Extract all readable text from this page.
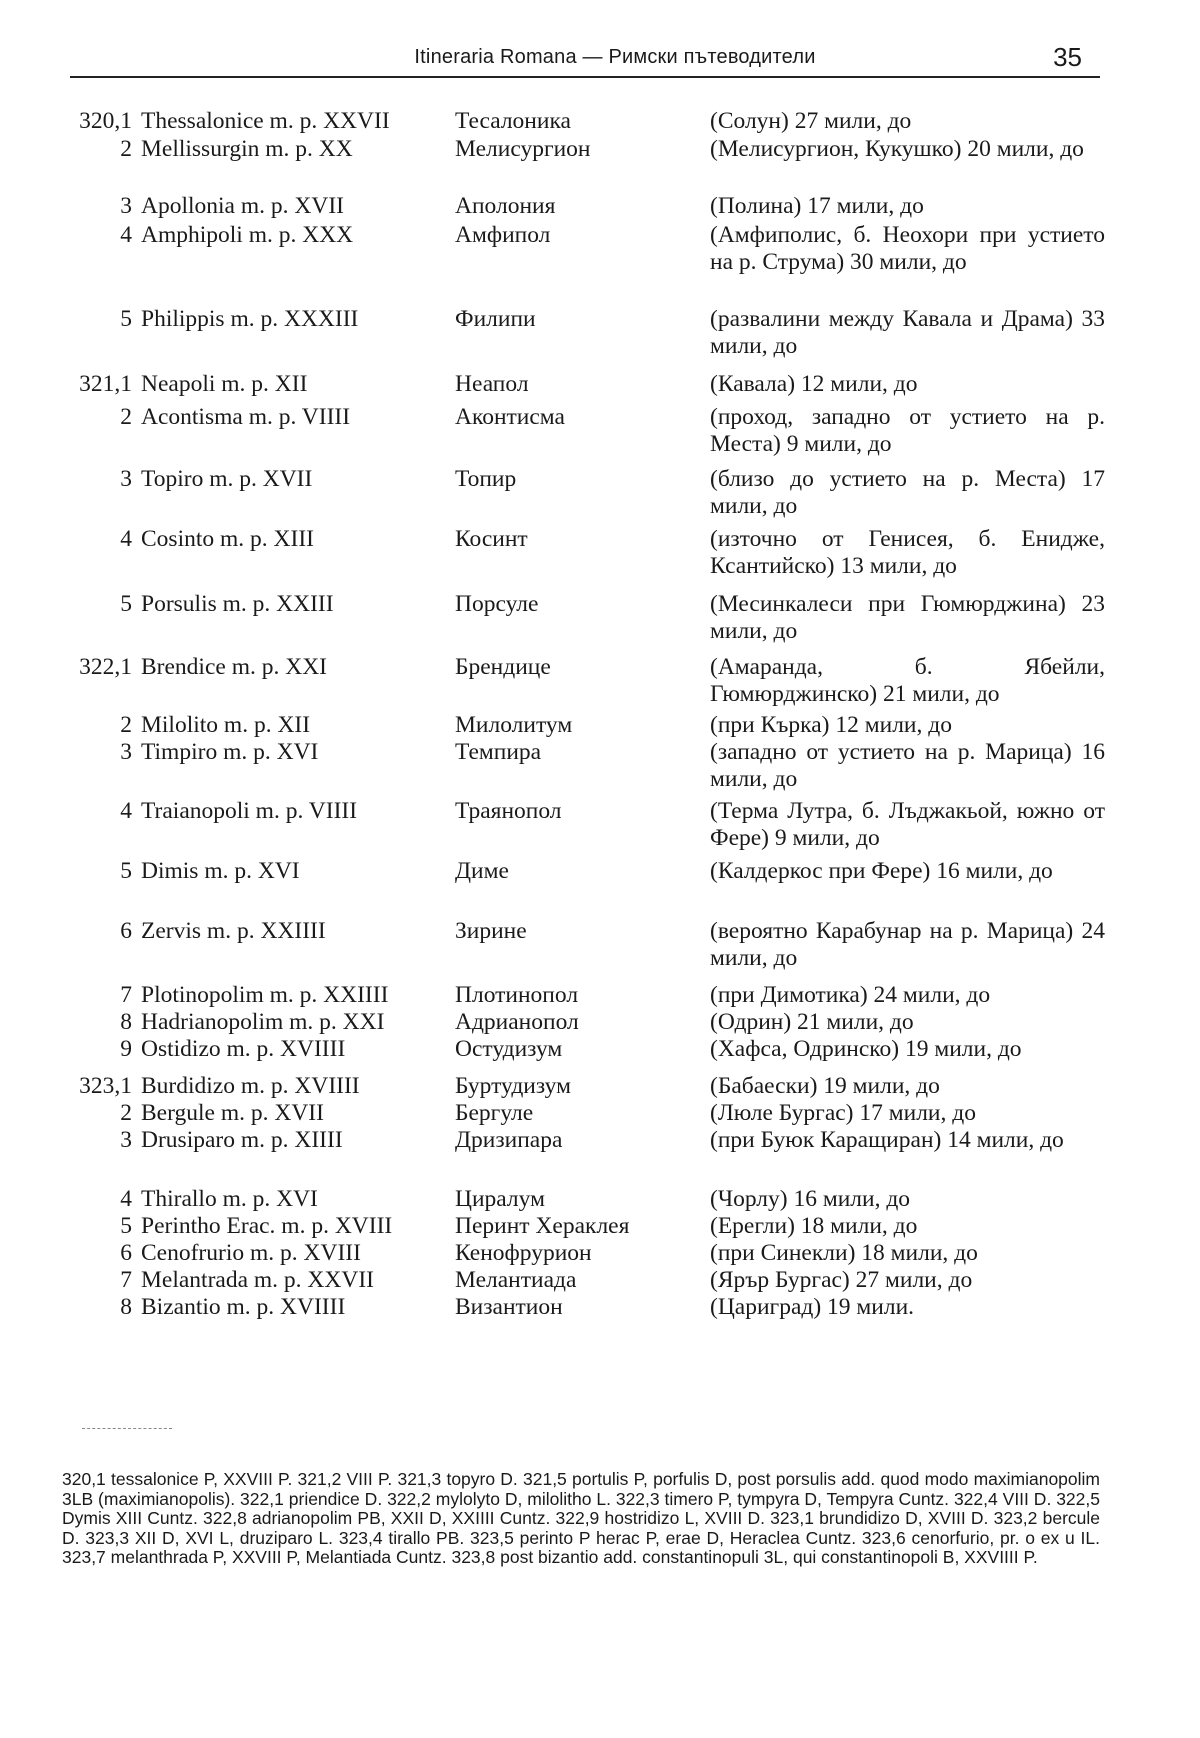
Itineraria Romana — Римски пътеводители	35
320,1 Thessalonice m. p. XXVII	Тесалоника	(Солун) 27 мили, до

2 Mellissurgin m. p. XX	Мелисургион	(Мелисургион, Кукушко) 20 мили, до

3 Apollonia m. p. XVII	Аполония	(Полина) 17 мили, до

4 Amphipoli m. p. XXX	Амфипол	(Амфиполис, б. Неохори при устието на р. Струма) 30 мили, до

5 Philippis m. p. XXXIII	Филипи	(развалини между Кавала и Драма) 33 мили, до

321,1 Neapoli m. p. XII	Неапол	(Кавала) 12 мили, до

2 Acontisma m. p. VIIII	Аконтисма	(проход, западно от устието на р. Места) 9 мили, до

3 Topiro m. p. XVII	Топир	(близо до устието на р. Места) 17 мили, до

4 Cosinto m. p. XIII	Косинт	(източно от Генисея, б. Енидже, Ксантийско) 13 мили, до

5 Porsulis m. p. XXIII	Порсуле	(Месинкалеси при Гюмюрджина) 23 мили, до

322,1 Brendice m. p. XXI	Брендице	(Амаранда, б. Ябейли, Гюмюрджинско) 21 мили, до

2 Milolito m. p. XII	Милолитум	(при Кърка) 12 мили, до

3 Timpiro m. p. XVI	Темпира	(западно от устието на р. Марица) 16 мили, до

4 Traianopoli m. p. VIIII	Траянопол	(Терма Лутра, б. Лъджакьой, южно от Фере) 9 мили, до

5 Dimis m. p. XVI	Диме	(Калдеркос при Фере) 16 мили, до

6 Zervis m. p. XXIIII	Зирине	(вероятно Карабунар на р. Марица) 24 мили, до

7 Plotinopolim m. p. XXIIII	Плотинопол	(при Димотика) 24 мили, до

8 Hadrianopolim m. p. XXI	Адрианопол	(Одрин) 21 мили, до

9 Ostidizo m. p. XVIIII	Остудизум	(Хафса, Одринско) 19 мили, до

323,1 Burdidizo m. p. XVIIII	Буртудизум	(Бабаески) 19 мили, до

2 Bergule m. p. XVII	Бергуле	(Люле Бургас) 17 мили, до

3 Drusiparo m. p. XIIII	Дризипара	(при Буюк Каращиран) 14 мили, до

4 Thirallo m. p. XVI	Циралум	(Чорлу) 16 мили, до

5 Perintho Erac. m. p. XVIII	Перинт Хераклея	(Ерегли) 18 мили, до

6 Cenofrurio m. p. XVIII	Кенофрурион	(при Синекли) 18 мили, до

7 Melantrada m. p. XXVII	Мелантиада	(Ярър Бургас) 27 мили, до

8 Bizantio m. p. XVIIII	Византион	(Цариград) 19 мили.

320,1 tessalonice P, XXVIII P. 321,2 VIII P. 321,3 topyro D. 321,5 portulis P, porfulis D, post porsulis add. quod modo maximianopolim 3LB (maximianopolis). 322,1 priendice D. 322,2 mylolyto D, milolitho L. 322,3 timero P, tympyra D, Tempyra Cuntz. 322,4 VIII D. 322,5 Dymis XIII Cuntz. 322,8 adrianopolim PB, XXII D, XXIIII Cuntz. 322,9 hostridizo L, XVIII D. 323,1 brundidizo D, XVIII D. 323,2 bercule D. 323,3 XII D, XVI L, druziparo L. 323,4 tirallo PB. 323,5 perinto P herac P, erae D, Heraclea Cuntz. 323,6 cenorfurio, pr. o ex u IL. 323,7 melanthrada P, XXVIII P, Melantiada Cuntz. 323,8 post bizantio add. constantinopuli 3L, qui constantinopoli B, XXVIIII P.
